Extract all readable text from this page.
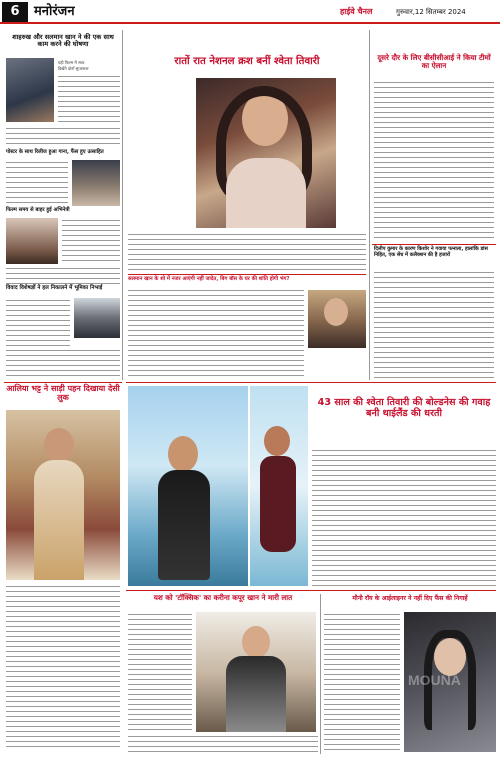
6	मनोरंजन	हाईवे चैनल	गुरुवार,12 सितम्बर 2024
शाहरुख और सलमान खान ने की एक साथ काम करने की घोषणा
यही फिल्म में साथ
दिखेंगे दोनों सुपरस्टार
पोस्टर के साथ रिलीज हुआ गाना, फैंस हुए उत्साहित
फिल्म समय से बाहर हुई अभिनेत्री
विवाद विशेषज्ञों ने हल निकालने में भूमिका निभाई
आलिया भट्ट ने साड़ी पहन दिखाया देसी लुक
रातों रात नेशनल क्रश बनीं श्वेता तिवारी
सलमान खान के शो में नजर आएंगी नहीं जादेत, बिग बॉस के घर की शांति होगी भंग?
दूसरे दौर के लिए बीसीसीआई ने किया टीमों का ऐलान
दिलीप कुमार के कारण किशोर ने गवाया पत्नाला, हालांकि डांस निहित, एक सेंध में कलैक्शन की है हजारों
43 साल की श्वेता तिवारी की बोल्डनेस की गवाह बनी थाईलैंड की धरती
यश को 'टॉक्सिक' का करीना कपूर खान ने मारी लात	मौनी रॉय के आईलाइनर ने नहीं दिए फैंस की निगाहें
MOUNA
